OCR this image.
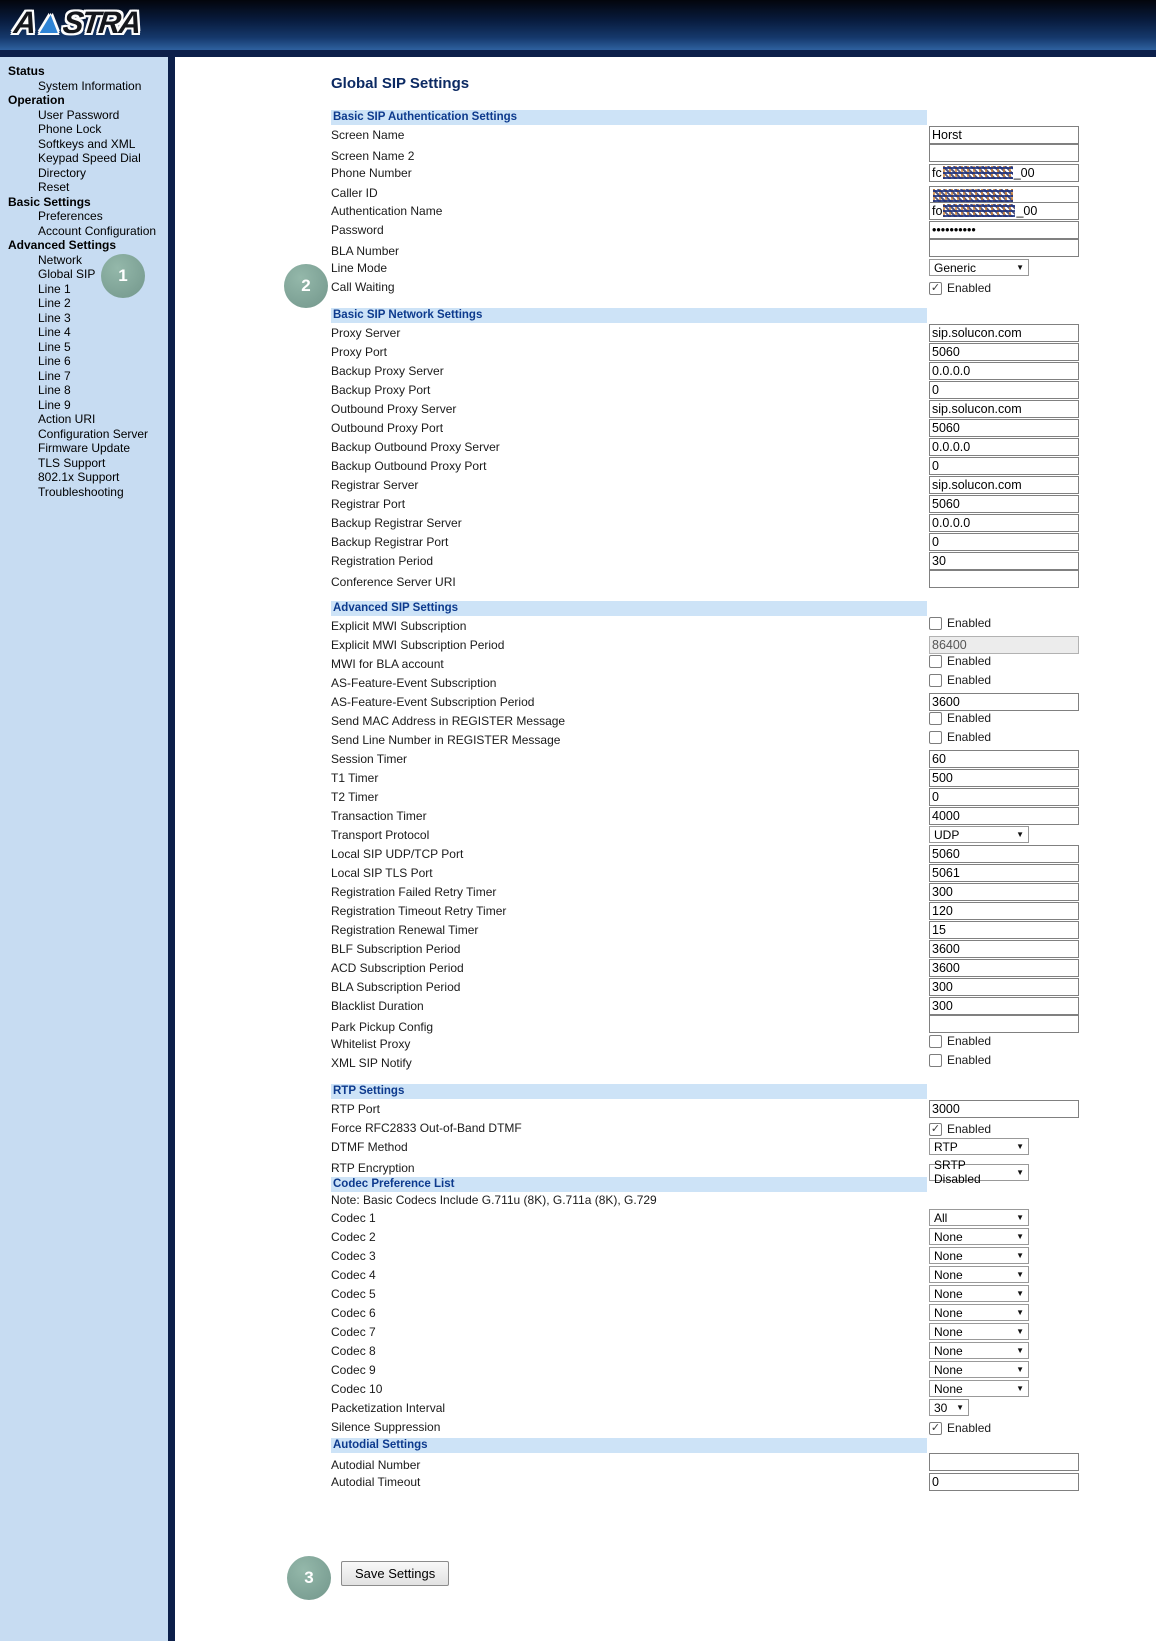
A▲STRA
Status
System Information
Operation
User Password
Phone Lock
Softkeys and XML
Keypad Speed Dial
Directory
Reset
Basic Settings
Preferences
Account Configuration
Advanced Settings
Network
Global SIP
Line 1
Line 2
Line 3
Line 4
Line 5
Line 6
Line 7
Line 8
Line 9
Action URI
Configuration Server
Firmware Update
TLS Support
802.1x Support
Troubleshooting
Global SIP Settings
Basic SIP Authentication Settings
Screen Name	Horst
Screen Name 2
Phone Number	fc	_00
Caller ID
Authentication Name	fo	_00
Password	••••••••••
BLA Number
Line Mode	Generic	▼
Call Waiting	✓ Enabled
Basic SIP Network Settings
Proxy Server	sip.solucon.com
Proxy Port	5060
Backup Proxy Server	0.0.0.0
Backup Proxy Port	0
Outbound Proxy Server	sip.solucon.com
Outbound Proxy Port	5060
Backup Outbound Proxy Server	0.0.0.0
Backup Outbound Proxy Port	0
Registrar Server	sip.solucon.com
Registrar Port	5060
Backup Registrar Server	0.0.0.0
Backup Registrar Port	0
Registration Period	30
Conference Server URI
Advanced SIP Settings
Explicit MWI Subscription	Enabled
Explicit MWI Subscription Period	86400
MWI for BLA account	Enabled
AS-Feature-Event Subscription	Enabled
AS-Feature-Event Subscription Period	3600
Send MAC Address in REGISTER Message	Enabled
Send Line Number in REGISTER Message	Enabled
Session Timer	60
T1 Timer	500
T2 Timer	0
Transaction Timer	4000
Transport Protocol	UDP	▼
Local SIP UDP/TCP Port	5060
Local SIP TLS Port	5061
Registration Failed Retry Timer	300
Registration Timeout Retry Timer	120
Registration Renewal Timer	15
BLF Subscription Period	3600
ACD Subscription Period	3600
BLA Subscription Period	300
Blacklist Duration	300
Park Pickup Config
Whitelist Proxy	Enabled
XML SIP Notify	Enabled
RTP Settings
RTP Port	3000
Force RFC2833 Out-of-Band DTMF	✓ Enabled
DTMF Method	RTP	▼
RTP Encryption	SRTP Disabled	▼
Codec Preference List
Note: Basic Codecs Include G.711u (8K), G.711a (8K), G.729
Codec 1	All	▼
Codec 2	None	▼
Codec 3	None	▼
Codec 4	None	▼
Codec 5	None	▼
Codec 6	None	▼
Codec 7	None	▼
Codec 8	None	▼
Codec 9	None	▼
Codec 10	None	▼
Packetization Interval	30 ▼
Silence Suppression	✓ Enabled
Autodial Settings
Autodial Number
Autodial Timeout	0
Save Settings
1
2
3
